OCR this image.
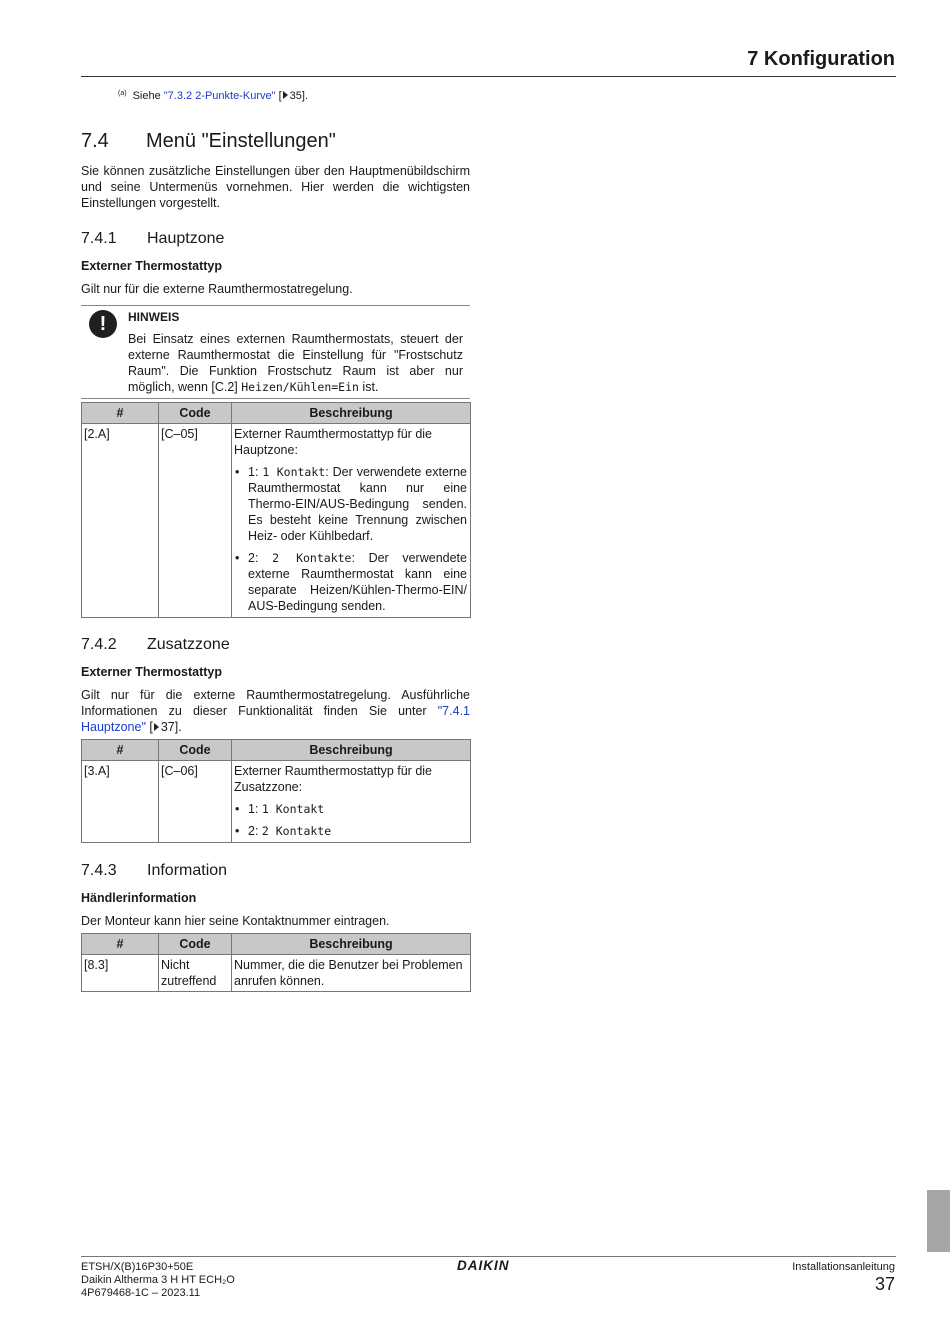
7 Konfiguration
$^{(a)}$ Siehe "7.3.2 2-Punkte-Kurve" [ 35].
7.4 Menü "Einstellungen"
Sie können zusätzliche Einstellungen über den Hauptmenübildschirm und seine Untermenüs vornehmen. Hier werden die wichtigsten Einstellungen vorgestellt.
7.4.1 Hauptzone
Externer Thermostattyp
Gilt nur für die externe Raumthermostatregelung.
!	HINWEIS
Bei Einsatz eines externen Raumthermostats, steuert der externe Raumthermostat die Einstellung für "Frostschutz Raum". Die Funktion Frostschutz Raum ist aber nur möglich, wenn [C.2] Heizen/Kühlen=Ein ist.
#	Code	Beschreibung
[2.A]	[C–05]	Externer Raumthermostattyp für die Hauptzone:
• 1: 1 Kontakt: Der verwendete externe Raumthermostat kann nur eine Thermo-EIN/AUS-Bedingung senden. Es besteht keine Trennung zwischen Heiz- oder Kühlbedarf.
• 2: 2 Kontakte: Der verwendete externe Raumthermostat kann eine separate Heizen/Kühlen-Thermo-EIN/ AUS-Bedingung senden.
7.4.2 Zusatzzone
Externer Thermostattyp
Gilt nur für die externe Raumthermostatregelung. Ausführliche Informationen zu dieser Funktionalität finden Sie unter "7.4.1 Hauptzone" [ 37].
#	Code	Beschreibung
[3.A]	[C–06]	Externer Raumthermostattyp für die Zusatzzone:
• 1: 1 Kontakt
• 2: 2 Kontakte
7.4.3 Information
Händlerinformation
Der Monteur kann hier seine Kontaktnummer eintragen.
#	Code	Beschreibung
[8.3]	Nicht zutreffend	Nummer, die die Benutzer bei Problemen anrufen können.
ETSH/X(B)16P30+50E
Daikin Altherma 3 H HT ECH₂O
4P679468-1C – 2023.11
DAIKIN	Installationsanleitung
37
